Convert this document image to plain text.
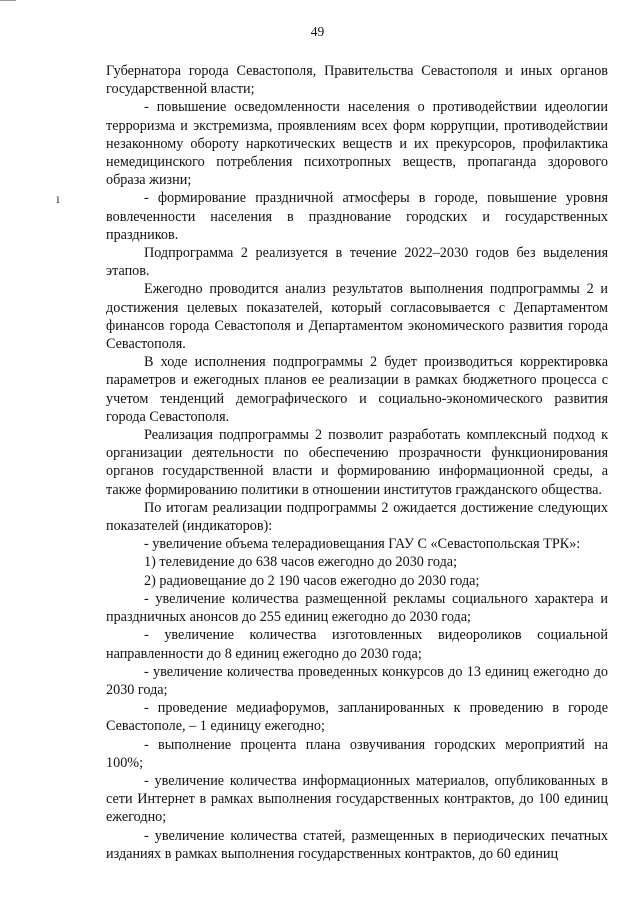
49
ı

Губернатора города Севастополя, Правительства Севастополя и иных органов государственной власти;

- повышение осведомленности населения о противодействии идеологии терроризма и экстремизма, проявлениям всех форм коррупции, противодействии незаконному обороту наркотических веществ и их прекурсоров, профилактика немедицинского потребления психотропных веществ, пропаганда здорового образа жизни;

- формирование праздничной атмосферы в городе, повышение уровня вовлеченности населения в празднование городских и государственных праздников.

Подпрограмма 2 реализуется в течение 2022–2030 годов без выделения этапов.

Ежегодно проводится анализ результатов выполнения подпрограммы 2 и достижения целевых показателей, который согласовывается с Департаментом финансов города Севастополя и Департаментом экономического развития города Севастополя.

В ходе исполнения подпрограммы 2 будет производиться корректировка параметров и ежегодных планов ее реализации в рамках бюджетного процесса с учетом тенденций демографического и социально-экономического развития города Севастополя.

Реализация подпрограммы 2 позволит разработать комплексный подход к организации деятельности по обеспечению прозрачности функционирования органов государственной власти и формированию информационной среды, а также формированию политики в отношении институтов гражданского общества.

По итогам реализации подпрограммы 2 ожидается достижение следующих показателей (индикаторов):

- увеличение объема телерадиовещания ГАУ С «Севастопольская ТРК»:

1) телевидение до 638 часов ежегодно до 2030 года;

2) радиовещание до 2 190 часов ежегодно до 2030 года;

- увеличение количества размещенной рекламы социального характера и праздничных анонсов до 255 единиц ежегодно до 2030 года;

- увеличение количества изготовленных видеороликов социальной направленности до 8 единиц ежегодно до 2030 года;

- увеличение количества проведенных конкурсов до 13 единиц ежегодно до 2030 года;

- проведение медиафорумов, запланированных к проведению в городе Севастополе, – 1 единицу ежегодно;

- выполнение процента плана озвучивания городских мероприятий на 100%;

- увеличение количества информационных материалов, опубликованных в сети Интернет в рамках выполнения государственных контрактов, до 100 единиц ежегодно;

- увеличение количества статей, размещенных в периодических печатных изданиях в рамках выполнения государственных контрактов, до 60 единиц
